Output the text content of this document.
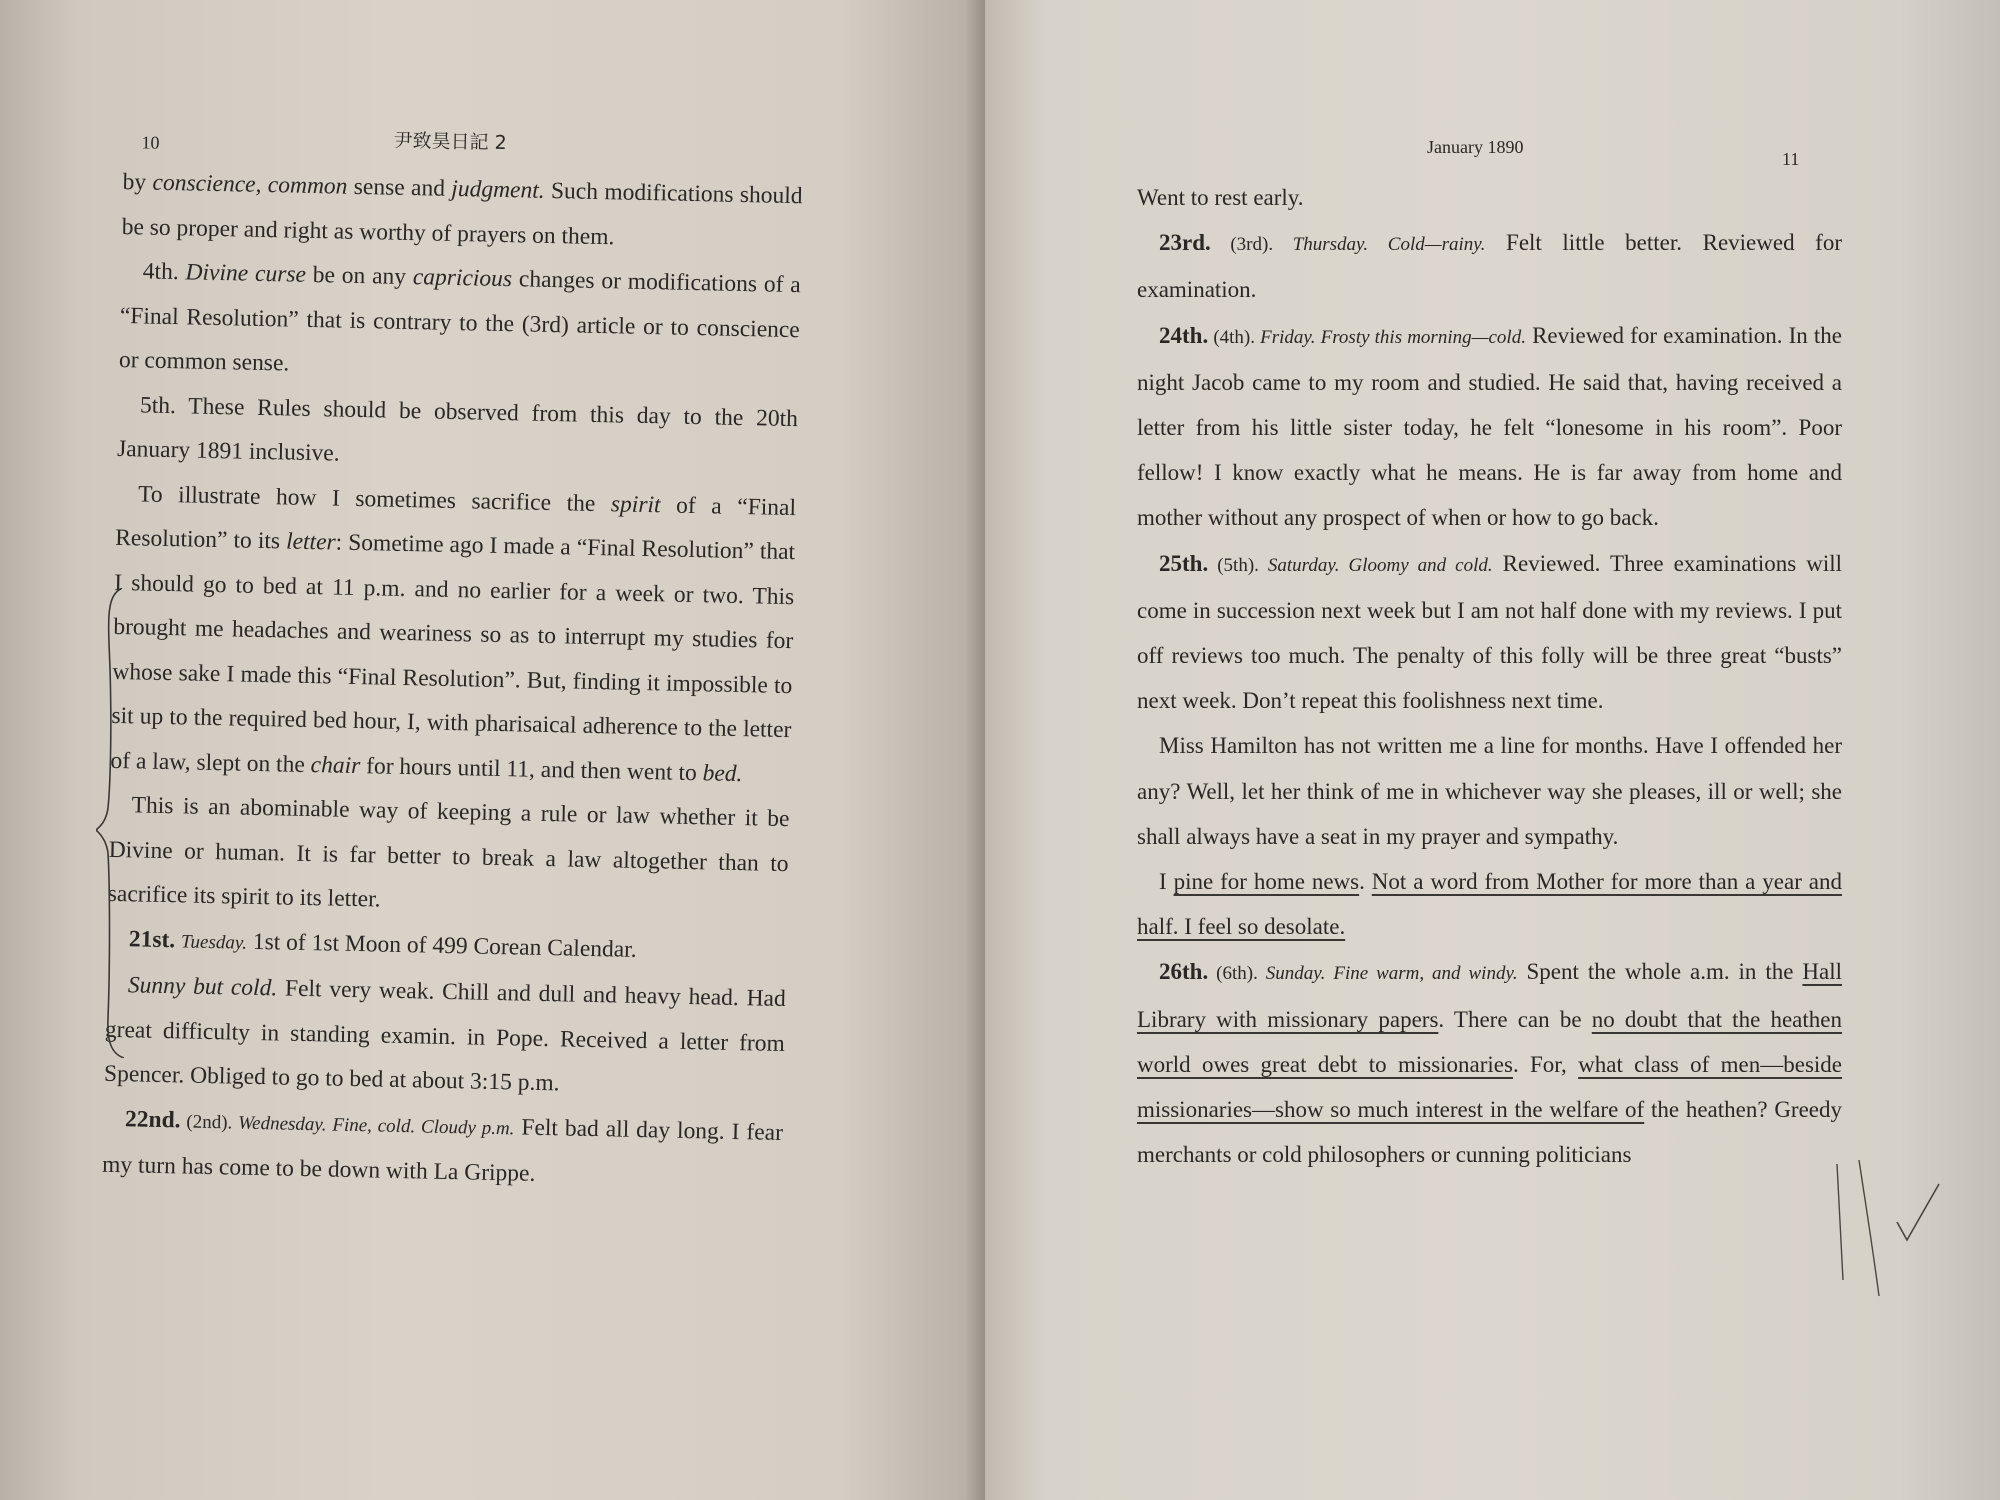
10	尹致昊日記 2

by conscience, common sense and judgment. Such modifications should be so proper and right as worthy of prayers on them.

4th. Divine curse be on any capricious changes or modifications of a “Final Resolution” that is contrary to the (3rd) article or to conscience or common sense.

5th. These Rules should be observed from this day to the 20th January 1891 inclusive.

To illustrate how I sometimes sacrifice the spirit of a “Final Resolution” to its letter: Sometime ago I made a “Final Resolution” that I should go to bed at 11 p.m. and no earlier for a week or two. This brought me headaches and weariness so as to interrupt my studies for whose sake I made this “Final Resolution”. But, finding it impossible to sit up to the required bed hour, I, with pharisaical adherence to the letter of a law, slept on the chair for hours until 11, and then went to bed.

This is an abominable way of keeping a rule or law whether it be Divine or human. It is far better to break a law altogether than to sacrifice its spirit to its letter.

21st. Tuesday. 1st of 1st Moon of 499 Corean Calendar.

Sunny but cold. Felt very weak. Chill and dull and heavy head. Had great difficulty in standing examin. in Pope. Received a letter from Spencer. Obliged to go to bed at about 3:15 p.m.

22nd. (2nd). Wednesday. Fine, cold. Cloudy p.m. Felt bad all day long. I fear my turn has come to be down with La Grippe.

January 1890
11

Went to rest early.

23rd. (3rd). Thursday. Cold—rainy. Felt little better. Reviewed for examination.

24th. (4th). Friday. Frosty this morning—cold. Reviewed for examination. In the night Jacob came to my room and studied. He said that, having received a letter from his little sister today, he felt “lonesome in his room”. Poor fellow! I know exactly what he means. He is far away from home and mother without any prospect of when or how to go back.

25th. (5th). Saturday. Gloomy and cold. Reviewed. Three examinations will come in succession next week but I am not half done with my reviews. I put off reviews too much. The penalty of this folly will be three great “busts” next week. Don’t repeat this foolishness next time.

Miss Hamilton has not written me a line for months. Have I offended her any? Well, let her think of me in whichever way she pleases, ill or well; she shall always have a seat in my prayer and sympathy.

I pine for home news. Not a word from Mother for more than a year and half. I feel so desolate.

26th. (6th). Sunday. Fine warm, and windy. Spent the whole a.m. in the Hall Library with missionary papers. There can be no doubt that the heathen world owes great debt to missionaries. For, what class of men—beside missionaries—show so much interest in the welfare of the heathen? Greedy merchants or cold philosophers or cunning politicians
